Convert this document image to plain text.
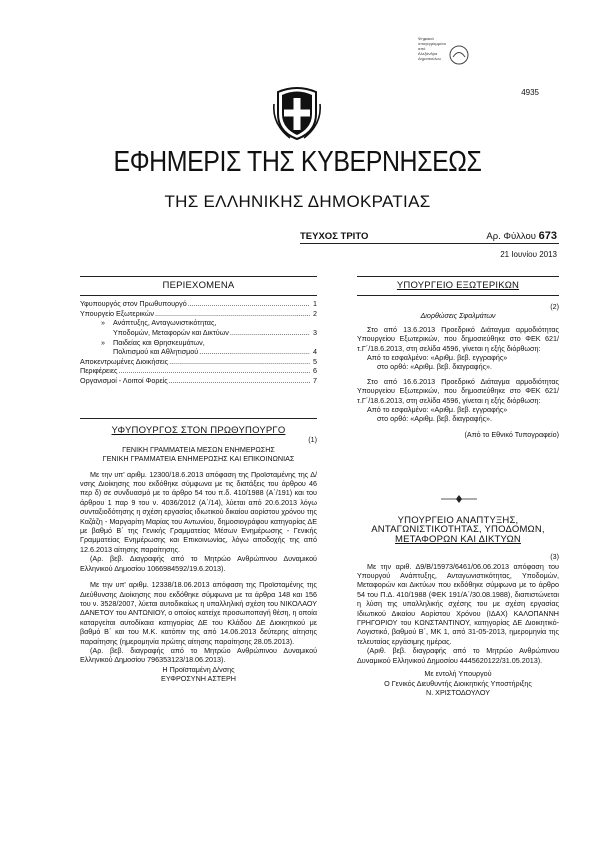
Ψηφιακά
υπογεγραμμένο από
Αλεξάνδρα
Δημοπούλου
4935
ΕΦΗΜΕΡΙΣ ΤΗΣ ΚΥΒΕΡΝΗΣΕΩΣ
ΤΗΣ ΕΛΛΗΝΙΚΗΣ ΔΗΜΟΚΡΑΤΙΑΣ
ΤΕΥΧΟΣ ΤΡΙΤΟ	Αρ. Φύλλου 673
21 Ιουνίου 2013
ΠΕΡΙΕΧΟΜΕΝΑ
Υφυπουργός στον Πρωθυπουργό .....	1
Υπουργείο Εξωτερικών .....	2
» Ανάπτυξης, Ανταγωνιστικότητας,
Υποδομών, Μεταφορών και Δικτύων .....	3
» Παιδείας και Θρησκευμάτων,
Πολιτισμού και Αθλητισμού .....	4
Αποκεντρωμένες Διοικήσεις .....	5
Περιφέρειες .....	6
Οργανισμοί - Λοιποί Φορείς .....	7
ΥΦΥΠΟΥΡΓΟΣ ΣΤΟΝ ΠΡΩΘΥΠΟΥΡΓΟ
(1)
ΓΕΝΙΚΗ ΓΡΑΜΜΑΤΕΙΑ ΜΕΣΩΝ ΕΝΗΜΕΡΩΣΗΣ
ΓΕΝΙΚΗ ΓΡΑΜΜΑΤΕΙΑ ΕΝΗΜΕΡΩΣΗΣ ΚΑΙ ΕΠΙΚΟΙΝΩΝΙΑΣ
Με την υπ' αριθμ. 12300/18.6.2013 απόφαση της Προϊσταμένης της Δ/νσης Διοίκησης που εκδόθηκε σύμφωνα με τις διατάξεις του άρθρου 46 περ δ) σε συνδυασμό με το άρθρο 54 του π.δ. 410/1988 (Α΄/191) και του άρθρου 1 παρ 9 του ν. 4036/2012 (Α΄/14), λύεται από 20.6.2013 λόγω συνταξιοδότησης η σχέση εργασίας ιδιωτικού δικαίου αορίστου χρόνου της Καζάζη - Μαργαρίτη Μαρίας του Αντωνίου, δημοσιογράφου κατηγορίας ΔΕ με βαθμό Β΄ της Γενικής Γραμματείας Μέσων Ενημέρωσης - Γενικής Γραμματείας Ενημέρωσης και Επικοινωνίας, λόγω αποδοχής της από 12.6.2013 αίτησης παραίτησης.
(Αρ. βεβ. Διαγραφής από το Μητρώο Ανθρώπινου Δυναμικού Ελληνικού Δημοσίου 1066984592/19.6.2013).
Με την υπ' αριθμ. 12338/18.06.2013 απόφαση της Προϊσταμένης της Διεύθυνσης Διοίκησης που εκδόθηκε σύμφωνα με τα άρθρα 148 και 156 του ν. 3528/2007, λύεται αυτοδικαίως η υπαλληλική σχέση του ΝΙΚΟΛΑΟΥ ΔΑΝΕΤΟΥ του ΑΝΤΩΝΙΟΥ, ο οποίος κατείχε προσωποπαγή θέση, η οποία καταργείται αυτοδίκαια κατηγορίας ΔΕ του Κλάδου ΔΕ Διοικητικού με βαθμό Β΄ και του Μ.Κ. κατόπιν της από 14.06.2013 δεύτερης αίτησης παραίτησης (ημερομηνία πρώτης αίτησης παραίτησης 28.05.2013).
(Αρ. βεβ. διαγραφής από το Μητρώο Ανθρώπινου Δυναμικού Ελληνικού Δημοσίου 796353123/18.06.2013).
Η Προϊσταμένη Δ/νσης
ΕΥΦΡΟΣΥΝΗ ΑΣΤΕΡΗ
ΥΠΟΥΡΓΕΙΟ ΕΞΩΤΕΡΙΚΩΝ
(2)
Διορθώσεις Σφαλμάτων
Στο από 13.6.2013 Προεδρικό Διάταγμα αρμοδιότητας Υπουργείου Εξωτερικών, που δημοσιεύθηκε στο ΦΕΚ 621/τ.Γ΄/18.6.2013, στη σελίδα 4596, γίνεται η εξής διόρθωση:
Από το εσφαλμένο: «Αριθμ. βεβ. εγγραφής»
στο ορθό: «Αριθμ. βεβ. διαγραφής».
Στο από 16.6.2013 Προεδρικό Διάταγμα αρμοδιότητας Υπουργείου Εξωτερικών, που δημοσιεύθηκε στο ΦΕΚ 621/τ.Γ΄/18.6.2013, στη σελίδα 4596, γίνεται η εξής διόρθωση:
Από το εσφαλμένο: «Αριθμ. βεβ. εγγραφής»
στο ορθό: «Αριθμ. βεβ. διαγραφής».
(Από το Εθνικό Τυπογραφείο)
ΥΠΟΥΡΓΕΙΟ ΑΝΑΠΤΥΞΗΣ,
ΑΝΤΑΓΩΝΙΣΤΙΚΟΤΗΤΑΣ, ΥΠΟΔΟΜΩΝ,
ΜΕΤΑΦΟΡΩΝ ΚΑΙ ΔΙΚΤΥΩΝ
(3)
Με την αριθ. Δ9/Β/15973/6461/06.06.2013 απόφαση του Υπουργού Ανάπτυξης, Ανταγωνιστικότητας, Υποδομών, Μεταφορών και Δικτύων που εκδόθηκε σύμφωνα με το άρθρο 54 του Π.Δ. 410/1988 (ΦΕΚ 191/Α΄/30.08.1988), διαπιστώνεται η λύση της υπαλληλικής σχέσης του με σχέση εργασίας Ιδιωτικού Δικαίου Αορίστου Χρόνου (ΙΔΑΧ) ΚΑΛΟΠΑΝΝΗ ΓΡΗΓΟΡΙΟΥ του ΚΩΝΣΤΑΝΤΙΝΟΥ, κατηγορίας ΔΕ Διοικητικό-Λογιστικό, βαθμού Β΄, ΜΚ 1, από 31-05-2013, ημερομηνία της τελευταίας εργάσιμης ημέρας.
(Αριθ. βεβ. διαγραφής από το Μητρώο Ανθρώπινου Δυναμικού Ελληνικού Δημοσίου 4445620122/31.05.2013).
Με εντολή Υπουργού
Ο Γενικός Διευθυντής Διοικητικής Υποστήριξης
Ν. ΧΡΙΣΤΟΔΟΥΛΟΥ
